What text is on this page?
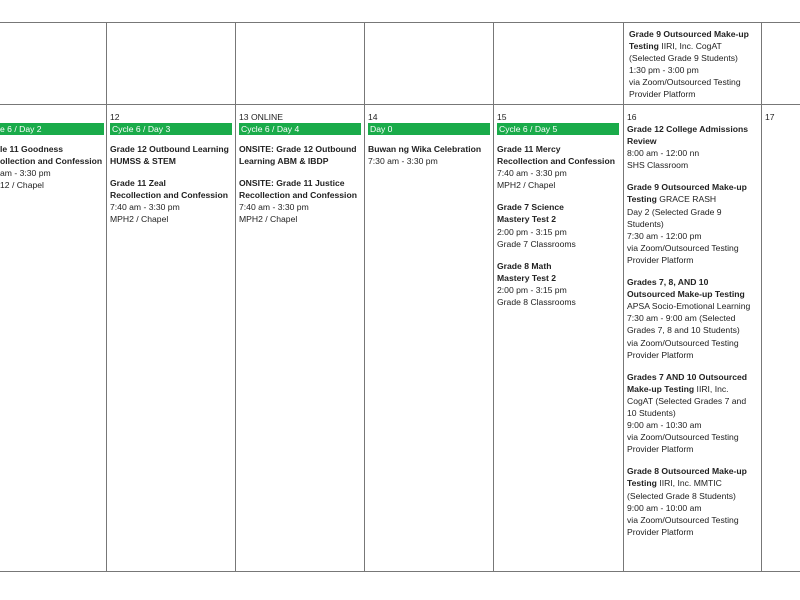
Grade 9 Outsourced Make-up
Testing IIRI, Inc. CogAT
(Selected Grade 9 Students)
1:30 pm - 3:00 pm
via Zoom/Outsourced Testing
Provider Platform
e 6 / Day 2
le 11 Goodness
ollection and Confession
am - 3:30 pm
12 / Chapel
12
Cycle 6 / Day 3
Grade 12 Outbound Learning
HUMSS & STEM
Grade 11 Zeal
Recollection and Confession
7:40 am - 3:30 pm
MPH2 / Chapel
13 ONLINE
Cycle 6 / Day 4
ONSITE: Grade 12 Outbound
Learning ABM & IBDP
ONSITE: Grade 11 Justice
Recollection and Confession
7:40 am - 3:30 pm
MPH2 / Chapel
14
Day 0
Buwan ng Wika Celebration
7:30 am - 3:30 pm
15
Cycle 6 / Day 5
Grade 11 Mercy
Recollection and Confession
7:40 am - 3:30 pm
MPH2 / Chapel
Grade 7 Science
Mastery Test 2
2:00 pm - 3:15 pm
Grade 7 Classrooms
Grade 8 Math
Mastery Test 2
2:00 pm - 3:15 pm
Grade 8 Classrooms
16
Grade 12 College Admissions
Review
8:00 am - 12:00 nn
SHS Classroom
Grade 9 Outsourced Make-up
Testing GRACE RASH
Day 2 (Selected Grade 9
Students)
7:30 am - 12:00 pm
via Zoom/Outsourced Testing
Provider Platform
Grades 7, 8, AND 10
Outsourced Make-up Testing
APSA Socio-Emotional Learning
7:30 am - 9:00 am (Selected
Grades 7, 8 and 10 Students)
via Zoom/Outsourced Testing
Provider Platform
Grades 7 AND 10 Outsourced
Make-up Testing IIRI, Inc.
CogAT (Selected Grades 7 and
10 Students)
9:00 am - 10:30 am
via Zoom/Outsourced Testing
Provider Platform
Grade 8 Outsourced Make-up
Testing IIRI, Inc. MMTIC
(Selected Grade 8 Students)
9:00 am - 10:00 am
via Zoom/Outsourced Testing
Provider Platform
17
